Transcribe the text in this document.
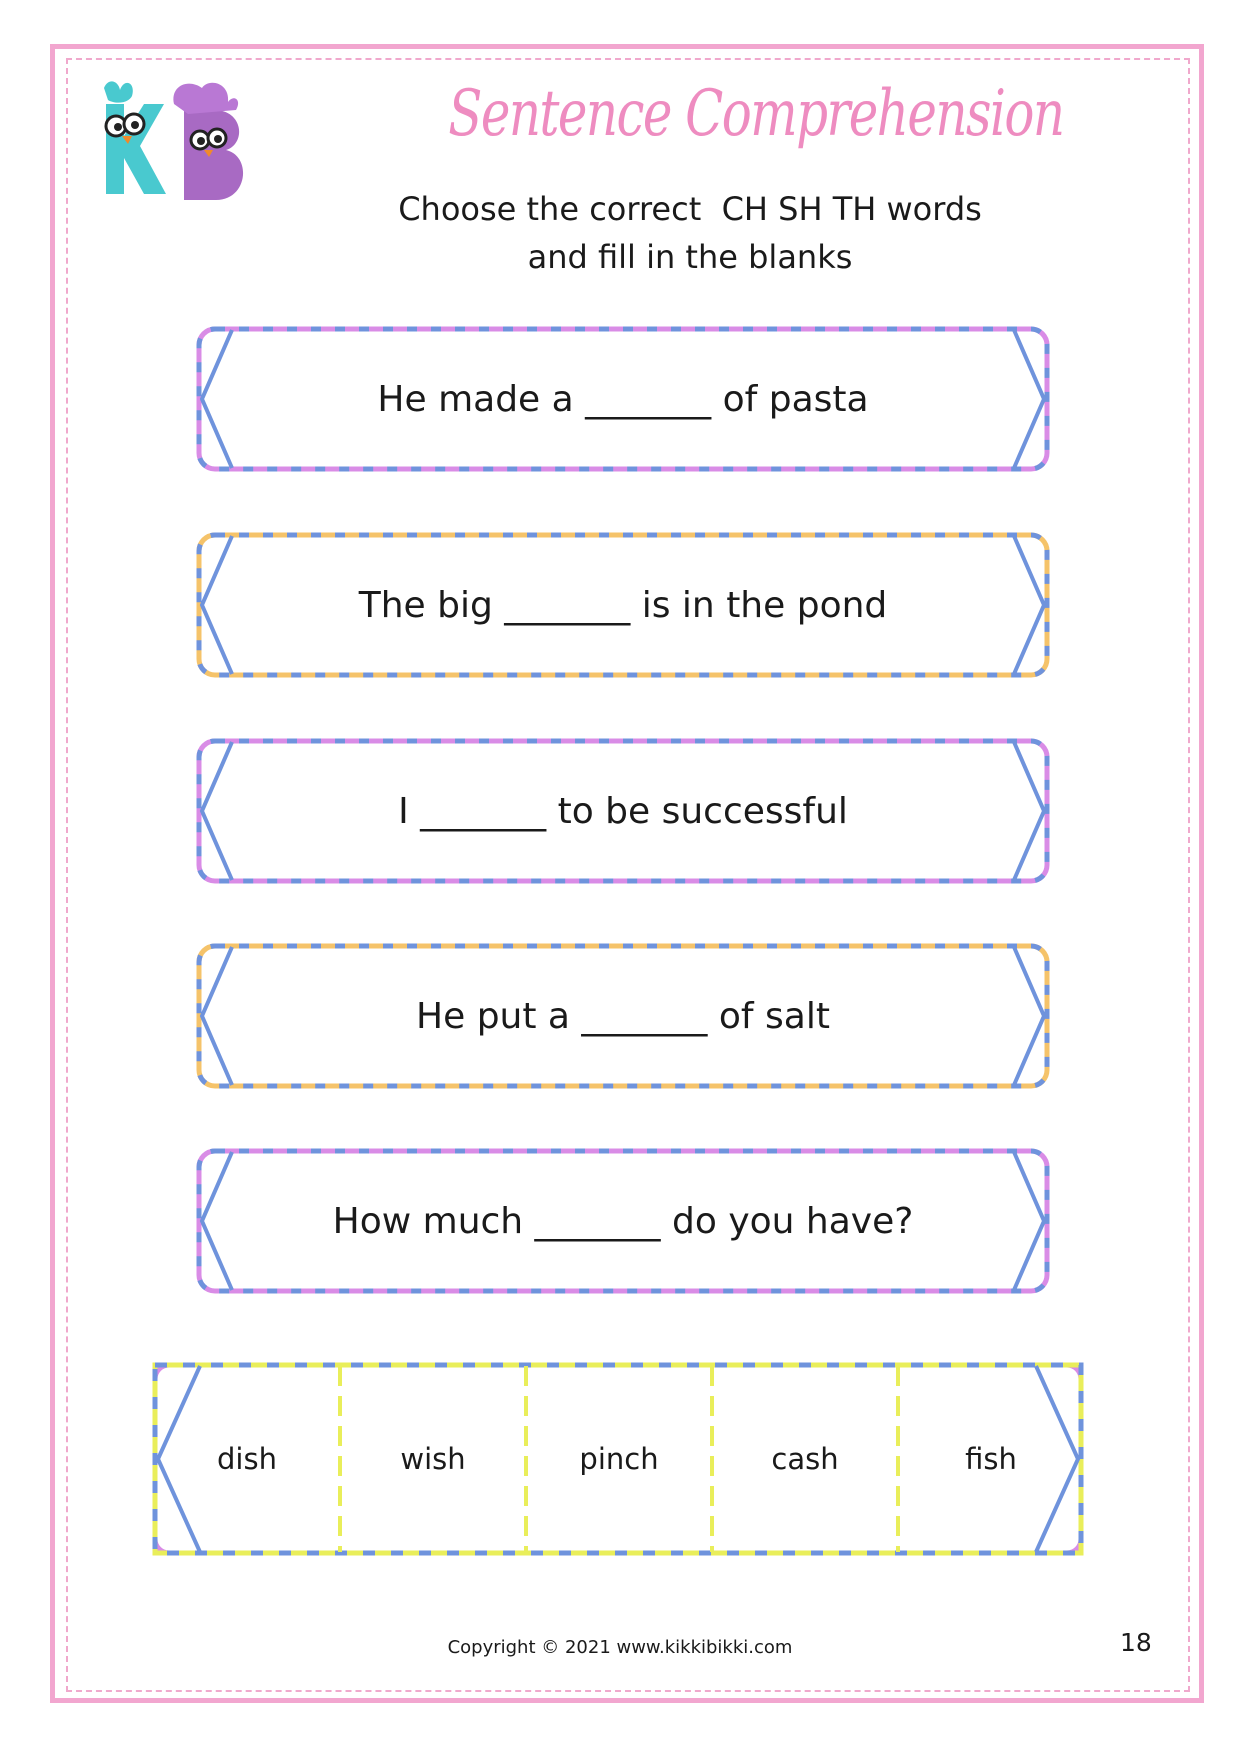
Sentence Comprehension
Choose the correct  CH SH TH words
and fill in the blanks
He made a _______ of pasta
The big _______ is in the pond
I _______ to be successful
He put a _______ of salt
How much _______ do you have?
dish	wish	pinch	cash	fish
Copyright © 2021 www.kikkibikki.com	18
